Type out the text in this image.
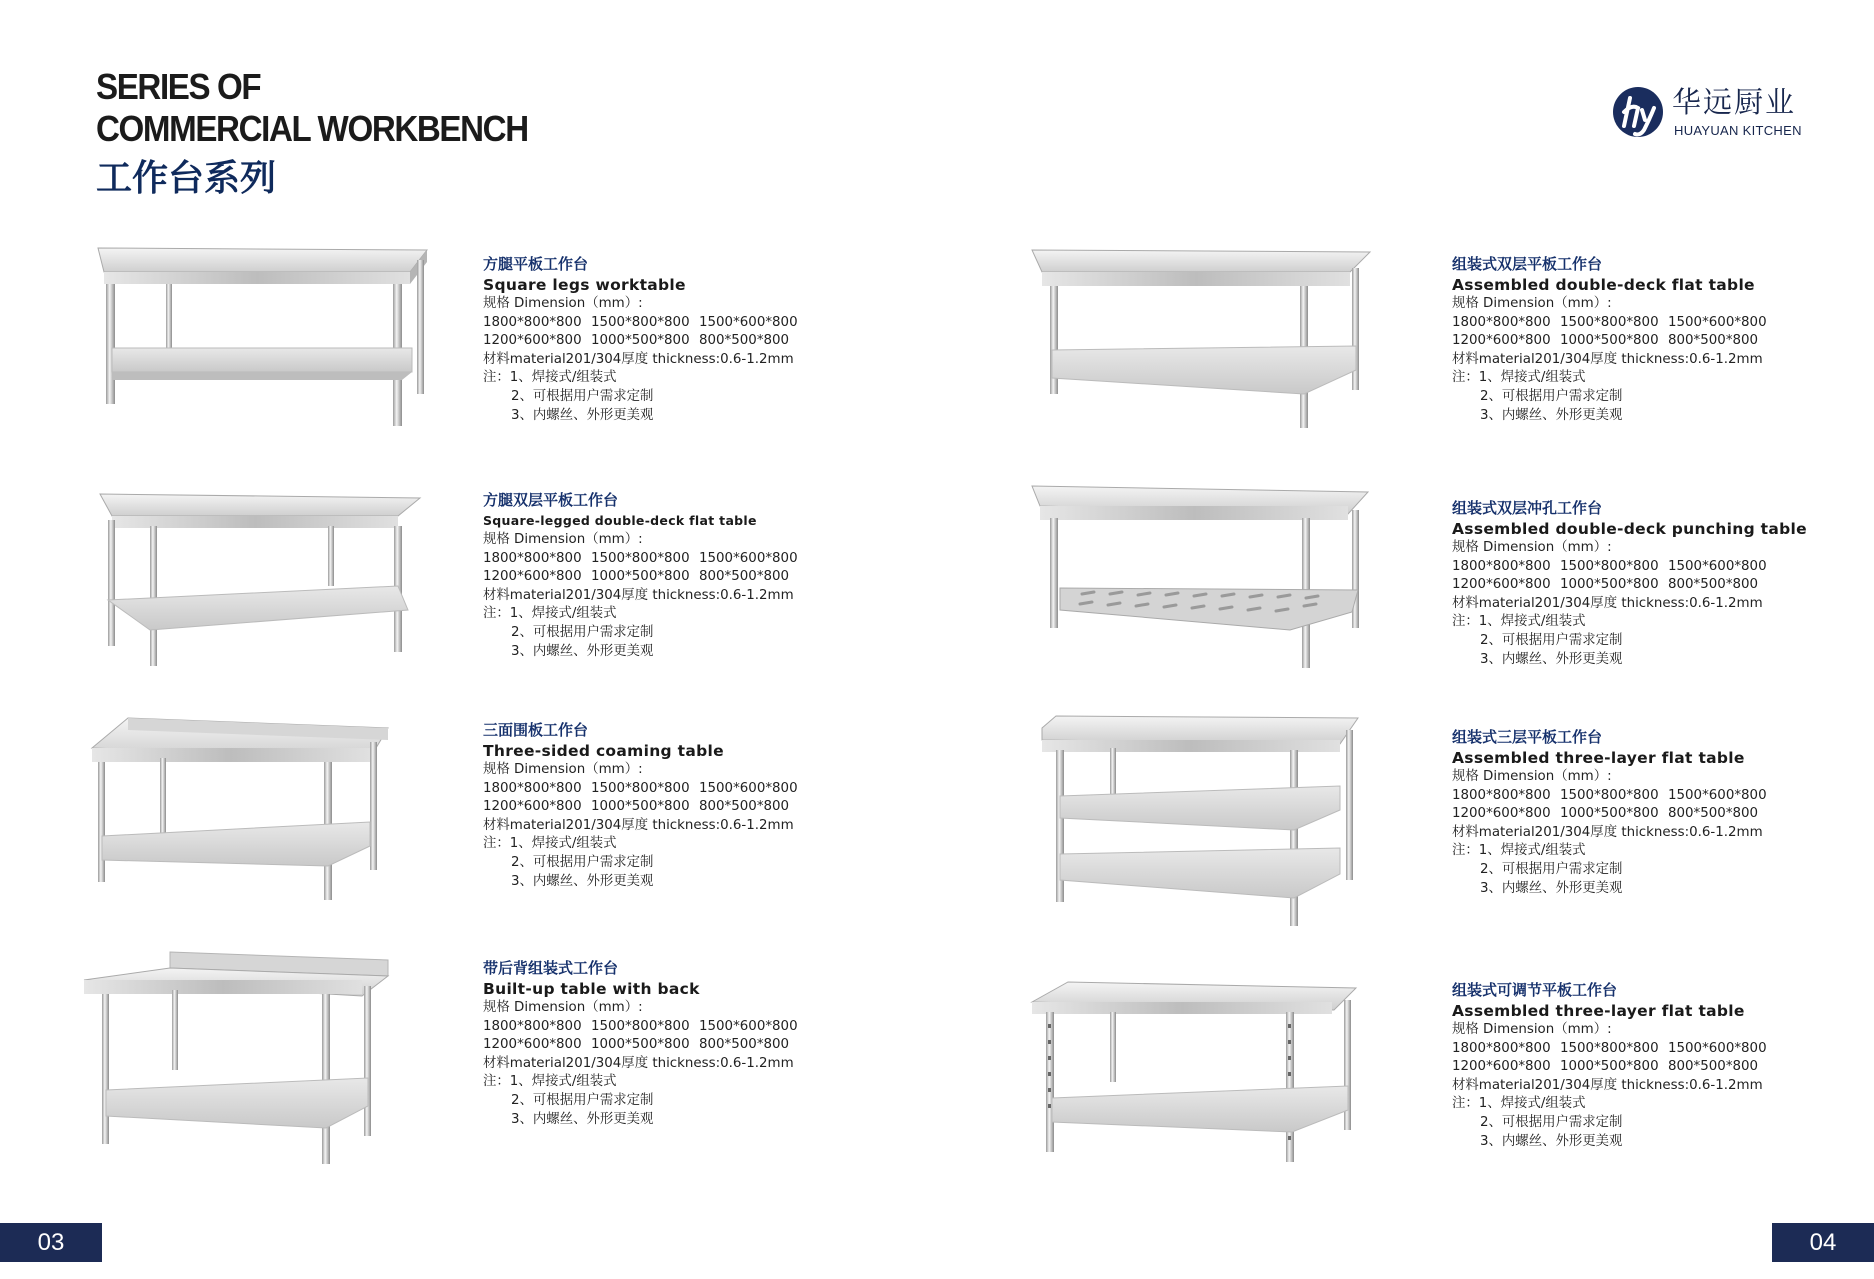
SERIES OF
COMMERCIAL WORKBENCH
工作台系列
华远厨业
HUAYUAN KITCHEN
方腿平板工作台
Square legs worktable
规格 Dimension（mm）:
1800*800*800 1500*800*800 1500*600*800
1200*600*800 1000*500*800 800*500*800
材料material201/304厚度 thickness:0.6-1.2mm
注：1、焊接式/组装式
2、可根据用户需求定制
3、内螺丝、外形更美观
方腿双层平板工作台
Square-legged double-deck flat table
规格 Dimension（mm）:
1800*800*800 1500*800*800 1500*600*800
1200*600*800 1000*500*800 800*500*800
材料material201/304厚度 thickness:0.6-1.2mm
注：1、焊接式/组装式
2、可根据用户需求定制
3、内螺丝、外形更美观
三面围板工作台
Three-sided coaming table
规格 Dimension（mm）:
1800*800*800 1500*800*800 1500*600*800
1200*600*800 1000*500*800 800*500*800
材料material201/304厚度 thickness:0.6-1.2mm
注：1、焊接式/组装式
2、可根据用户需求定制
3、内螺丝、外形更美观
带后背组装式工作台
Built-up table with back
规格 Dimension（mm）:
1800*800*800 1500*800*800 1500*600*800
1200*600*800 1000*500*800 800*500*800
材料material201/304厚度 thickness:0.6-1.2mm
注：1、焊接式/组装式
2、可根据用户需求定制
3、内螺丝、外形更美观
组装式双层平板工作台
Assembled double-deck flat table
规格 Dimension（mm）:
1800*800*800 1500*800*800 1500*600*800
1200*600*800 1000*500*800 800*500*800
材料material201/304厚度 thickness:0.6-1.2mm
注：1、焊接式/组装式
2、可根据用户需求定制
3、内螺丝、外形更美观
组装式双层冲孔工作台
Assembled double-deck punching table
规格 Dimension（mm）:
1800*800*800 1500*800*800 1500*600*800
1200*600*800 1000*500*800 800*500*800
材料material201/304厚度 thickness:0.6-1.2mm
注：1、焊接式/组装式
2、可根据用户需求定制
3、内螺丝、外形更美观
组装式三层平板工作台
Assembled three-layer flat table
规格 Dimension（mm）:
1800*800*800 1500*800*800 1500*600*800
1200*600*800 1000*500*800 800*500*800
材料material201/304厚度 thickness:0.6-1.2mm
注：1、焊接式/组装式
2、可根据用户需求定制
3、内螺丝、外形更美观
组装式可调节平板工作台
Assembled three-layer flat table
规格 Dimension（mm）:
1800*800*800 1500*800*800 1500*600*800
1200*600*800 1000*500*800 800*500*800
材料material201/304厚度 thickness:0.6-1.2mm
注：1、焊接式/组装式
2、可根据用户需求定制
3、内螺丝、外形更美观
03	04
